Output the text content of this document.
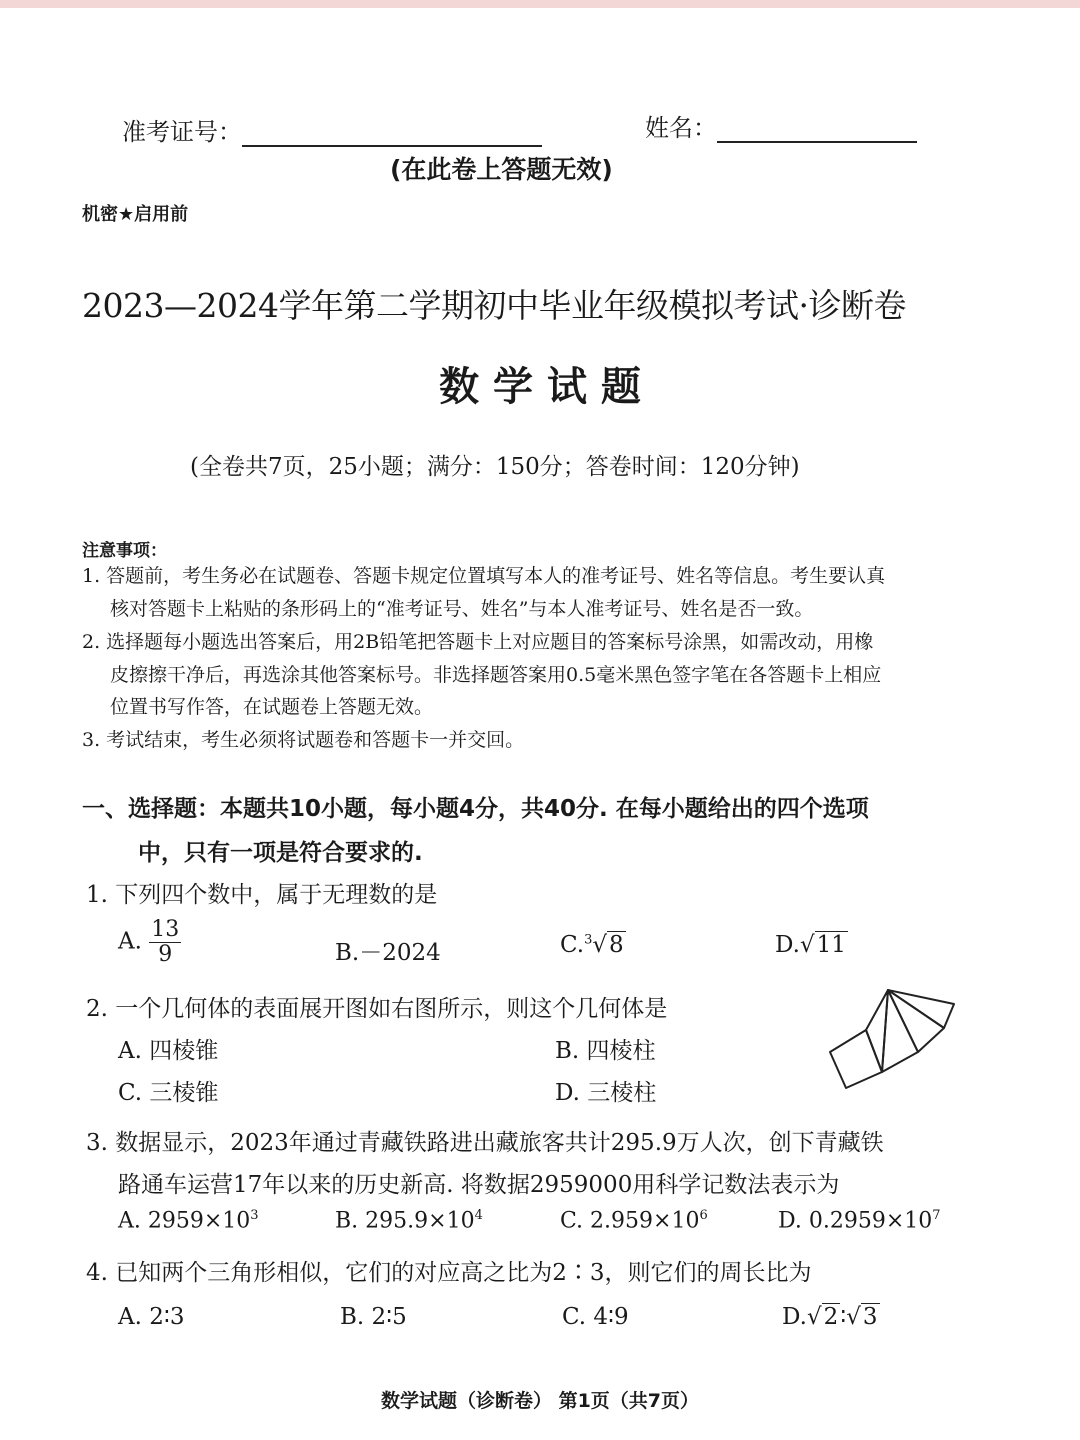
准考证号：	姓名：
(在此卷上答题无效)
机密★启用前
2023—2024学年第二学期初中毕业年级模拟考试·诊断卷
数 学 试 题
(全卷共7页，25小题；满分：150分；答卷时间：120分钟)
注意事项：
1. 答题前，考生务必在试题卷、答题卡规定位置填写本人的准考证号、姓名等信息。考生要认真
核对答题卡上粘贴的条形码上的“准考证号、姓名”与本人准考证号、姓名是否一致。
2. 选择题每小题选出答案后，用2B铅笔把答题卡上对应题目的答案标号涂黑，如需改动，用橡
皮擦擦干净后，再选涂其他答案标号。非选择题答案用0.5毫米黑色签字笔在各答题卡上相应
位置书写作答，在试题卷上答题无效。
3. 考试结束，考生必须将试题卷和答题卡一并交回。
一、选择题：本题共10小题，每小题4分，共40分. 在每小题给出的四个选项
中，只有一项是符合要求的.
1. 下列四个数中，属于无理数的是
A. $\frac{13}{9}$	B.－2024	C.$^3$√8	D.√11
2. 一个几何体的表面展开图如右图所示，则这个几何体是
A. 四棱锥	B. 四棱柱
C. 三棱锥	D. 三棱柱
3. 数据显示，2023年通过青藏铁路进出藏旅客共计295.9万人次，创下青藏铁
路通车运营17年以来的历史新高. 将数据2959000用科学记数法表示为
A. $2959\times 10^3$	B. $295.9\times 10^4$	C. $2.959\times 10^6$	D. $0.2959\times 10^7$
4. 已知两个三角形相似，它们的对应高之比为2∶3，则它们的周长比为
A. 2∶3	B. 2∶5	C. 4∶9	D.√2∶√3
数学试题（诊断卷） 第1页（共7页）
